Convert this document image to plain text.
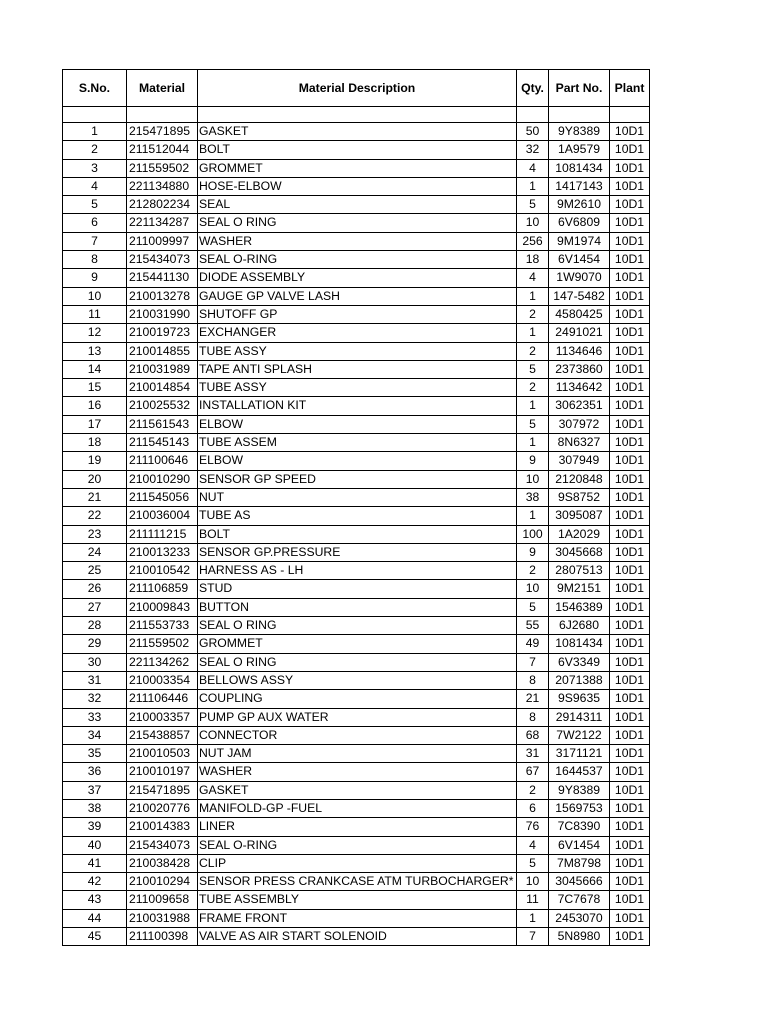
S.No.	Material	Material Description	Qty.	Part No.	Plant

1	215471895	GASKET	50	9Y8389	10D1
2	211512044	BOLT	32	1A9579	10D1
3	211559502	GROMMET	4	1081434	10D1
4	221134880	HOSE-ELBOW	1	1417143	10D1
5	212802234	SEAL	5	9M2610	10D1
6	221134287	SEAL O RING	10	6V6809	10D1
7	211009997	WASHER	256	9M1974	10D1
8	215434073	SEAL O-RING	18	6V1454	10D1
9	215441130	DIODE ASSEMBLY	4	1W9070	10D1
10	210013278	GAUGE GP VALVE LASH	1	147-5482	10D1
11	210031990	SHUTOFF GP	2	4580425	10D1
12	210019723	EXCHANGER	1	2491021	10D1
13	210014855	TUBE ASSY	2	1134646	10D1
14	210031989	TAPE ANTI SPLASH	5	2373860	10D1
15	210014854	TUBE ASSY	2	1134642	10D1
16	210025532	INSTALLATION KIT	1	3062351	10D1
17	211561543	ELBOW	5	307972	10D1
18	211545143	TUBE ASSEM	1	8N6327	10D1
19	211100646	ELBOW	9	307949	10D1
20	210010290	SENSOR GP SPEED	10	2120848	10D1
21	211545056	NUT	38	9S8752	10D1
22	210036004	TUBE AS	1	3095087	10D1
23	211111215	BOLT	100	1A2029	10D1
24	210013233	SENSOR GP.PRESSURE	9	3045668	10D1
25	210010542	HARNESS AS - LH	2	2807513	10D1
26	211106859	STUD	10	9M2151	10D1
27	210009843	BUTTON	5	1546389	10D1
28	211553733	SEAL O RING	55	6J2680	10D1
29	211559502	GROMMET	49	1081434	10D1
30	221134262	SEAL O RING	7	6V3349	10D1
31	210003354	BELLOWS ASSY	8	2071388	10D1
32	211106446	COUPLING	21	9S9635	10D1
33	210003357	PUMP GP AUX WATER	8	2914311	10D1
34	215438857	CONNECTOR	68	7W2122	10D1
35	210010503	NUT JAM	31	3171121	10D1
36	210010197	WASHER	67	1644537	10D1
37	215471895	GASKET	2	9Y8389	10D1
38	210020776	MANIFOLD-GP -FUEL	6	1569753	10D1
39	210014383	LINER	76	7C8390	10D1
40	215434073	SEAL O-RING	4	6V1454	10D1
41	210038428	CLIP	5	7M8798	10D1
42	210010294	SENSOR PRESS CRANKCASE ATM TURBOCHARGER*	10	3045666	10D1
43	211009658	TUBE ASSEMBLY	11	7C7678	10D1
44	210031988	FRAME FRONT	1	2453070	10D1
45	211100398	VALVE AS AIR START SOLENOID	7	5N8980	10D1
